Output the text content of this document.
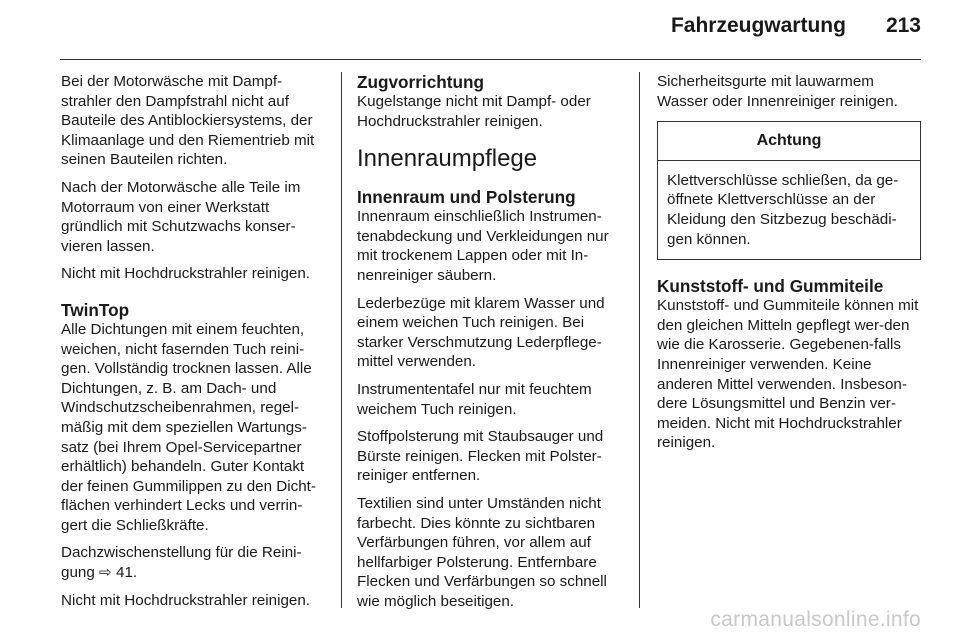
Fahrzeugwartung 213

Bei der Motorwäsche mit Dampf-strahler den Dampfstrahl nicht auf Bauteile des Antiblockiersystems, der Klimaanlage und den Riementrieb mit seinen Bauteilen richten.

Nach der Motorwäsche alle Teile im Motorraum von einer Werkstatt gründlich mit Schutzwachs konser-vieren lassen.

Nicht mit Hochdruckstrahler reinigen.

TwinTop

Alle Dichtungen mit einem feuchten, weichen, nicht fasernden Tuch reini-gen. Vollständig trocknen lassen. Alle Dichtungen, z. B. am Dach- und Windschutzscheibenrahmen, regel-mäßig mit dem speziellen Wartungs-satz (bei Ihrem Opel-Servicepartner erhältlich) behandeln. Guter Kontakt der feinen Gummilippen zu den Dicht-flächen verhindert Lecks und verrin-gert die Schließkräfte.

Dachzwischenstellung für die Reini-gung ⇨ 41.

Nicht mit Hochdruckstrahler reinigen.

Zugvorrichtung

Kugelstange nicht mit Dampf- oder Hochdruckstrahler reinigen.

Innenraumpflege
Innenraum und Polsterung

Innenraum einschließlich Instrumen-tenabdeckung und Verkleidungen nur mit trockenem Lappen oder mit In-nenreiniger säubern.

Lederbezüge mit klarem Wasser und einem weichen Tuch reinigen. Bei starker Verschmutzung Lederpflege-mittel verwenden.

Instrumententafel nur mit feuchtem weichem Tuch reinigen.

Stoffpolsterung mit Staubsauger und Bürste reinigen. Flecken mit Polster-reiniger entfernen.

Textilien sind unter Umständen nicht farbecht. Dies könnte zu sichtbaren Verfärbungen führen, vor allem auf hellfarbiger Polsterung. Entfernbare Flecken und Verfärbungen so schnell wie möglich beseitigen.

Sicherheitsgurte mit lauwarmem Wasser oder Innenreiniger reinigen.

Achtung
Klettverschlüsse schließen, da ge-öffnete Klettverschlüsse an der Kleidung den Sitzbezug beschädi-gen können.
Kunststoff- und Gummiteile

Kunststoff- und Gummiteile können mit den gleichen Mitteln gepflegt wer-den wie die Karosserie. Gegebenen-falls Innenreiniger verwenden. Keine anderen Mittel verwenden. Insbeson-dere Lösungsmittel und Benzin ver-meiden. Nicht mit Hochdruckstrahler reinigen.

carmanualsonline.info
